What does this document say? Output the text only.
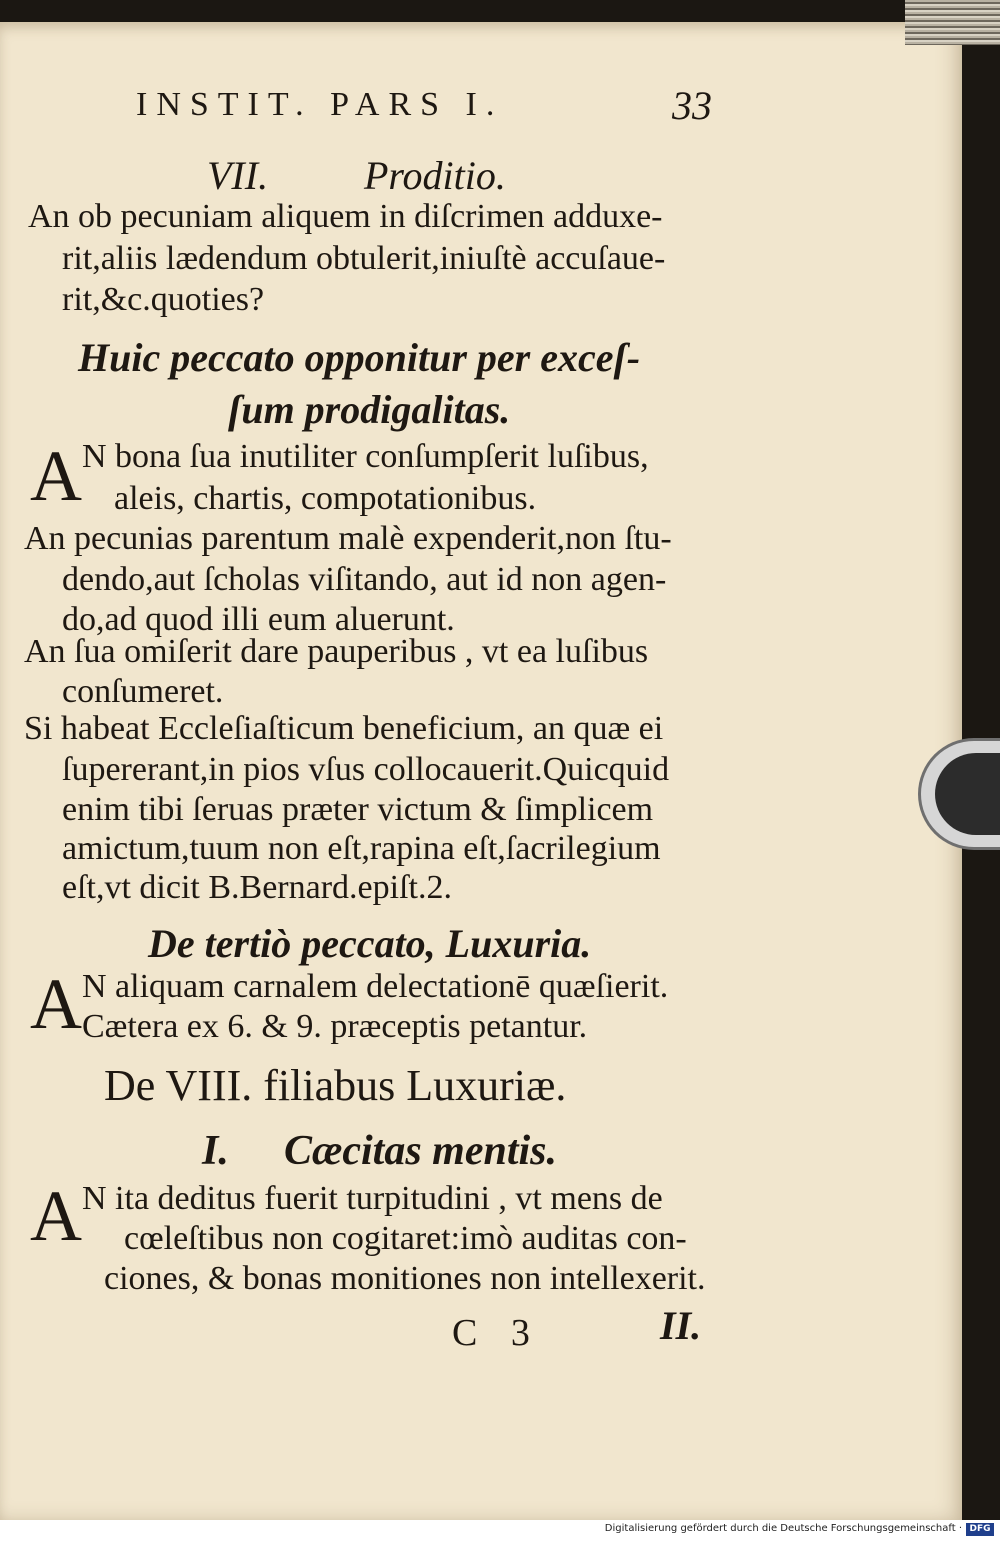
INSTIT. PARS I.	33
VII. Proditio.
An ob pecuniam aliquem in diſcrimen adduxe-
rit,aliis lædendum obtulerit,iniuſtè accuſaue-
rit,&c.quoties?
Huic peccato opponitur per exceſ-
ſum prodigalitas.
A N bona ſua inutiliter conſumpſerit luſibus,
aleis, chartis, compotationibus.
An pecunias parentum malè expenderit,non ſtu-
dendo,aut ſcholas viſitando, aut id non agen-
do,ad quod illi eum aluerunt.
An ſua omiſerit dare pauperibus , vt ea luſibus
conſumeret.
Si habeat Eccleſiaſticum beneficium, an quæ ei
ſupererant,in pios vſus collocauerit.Quicquid
enim tibi ſeruas præter victum & ſimplicem
amictum,tuum non eſt,rapina eſt,ſacrilegium
eſt,vt dicit B.Bernard.epiſt.2.
De tertiò peccato, Luxuria.
A N aliquam carnalem delectationē quæſierit.
Cætera ex 6. & 9. præceptis petantur.
De VIII. filiabus Luxuriæ.
I. Cæcitas mentis.
A N ita deditus fuerit turpitudini , vt mens de
cœleſtibus non cogitaret:imò auditas con-
ciones, & bonas monitiones non intellexerit.
C 3	II.
Digitalisierung gefördert durch die Deutsche Forschungsgemeinschaft · DFG
